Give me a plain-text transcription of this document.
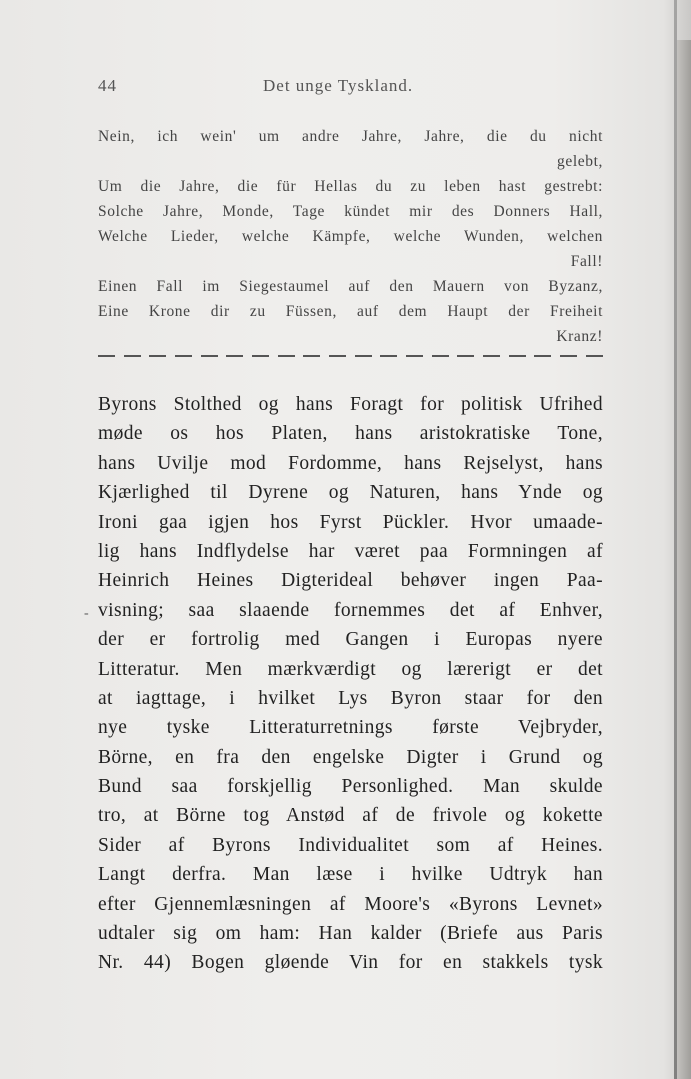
44	Det unge Tyskland.
Nein, ich wein' um andre Jahre, Jahre, die du nicht
gelebt,
Um die Jahre, die für Hellas du zu leben hast gestrebt:
Solche Jahre, Monde, Tage kündet mir des Donners Hall,
Welche Lieder, welche Kämpfe, welche Wunden, welchen
Fall!
Einen Fall im Siegestaumel auf den Mauern von Byzanz,
Eine Krone dir zu Füssen, auf dem Haupt der Freiheit
Kranz!
-
Byrons Stolthed og hans Foragt for politisk Ufrihed
møde os hos Platen, hans aristokratiske Tone,
hans Uvilje mod Fordomme, hans Rejselyst, hans
Kjærlighed til Dyrene og Naturen, hans Ynde og
Ironi gaa igjen hos Fyrst Pückler. Hvor umaade-
lig hans Indflydelse har været paa Formningen af
Heinrich Heines Digterideal behøver ingen Paa-
visning; saa slaaende fornemmes det af Enhver,
der er fortrolig med Gangen i Europas nyere
Litteratur. Men mærkværdigt og lærerigt er det
at iagttage, i hvilket Lys Byron staar for den
nye tyske Litteraturretnings første Vejbryder,
Börne, en fra den engelske Digter i Grund og
Bund saa forskjellig Personlighed. Man skulde
tro, at Börne tog Anstød af de frivole og kokette
Sider af Byrons Individualitet som af Heines.
Langt derfra. Man læse i hvilke Udtryk han
efter Gjennemlæsningen af Moore's «Byrons Levnet»
udtaler sig om ham: Han kalder (Briefe aus Paris
Nr. 44) Bogen gløende Vin for en stakkels tysk
